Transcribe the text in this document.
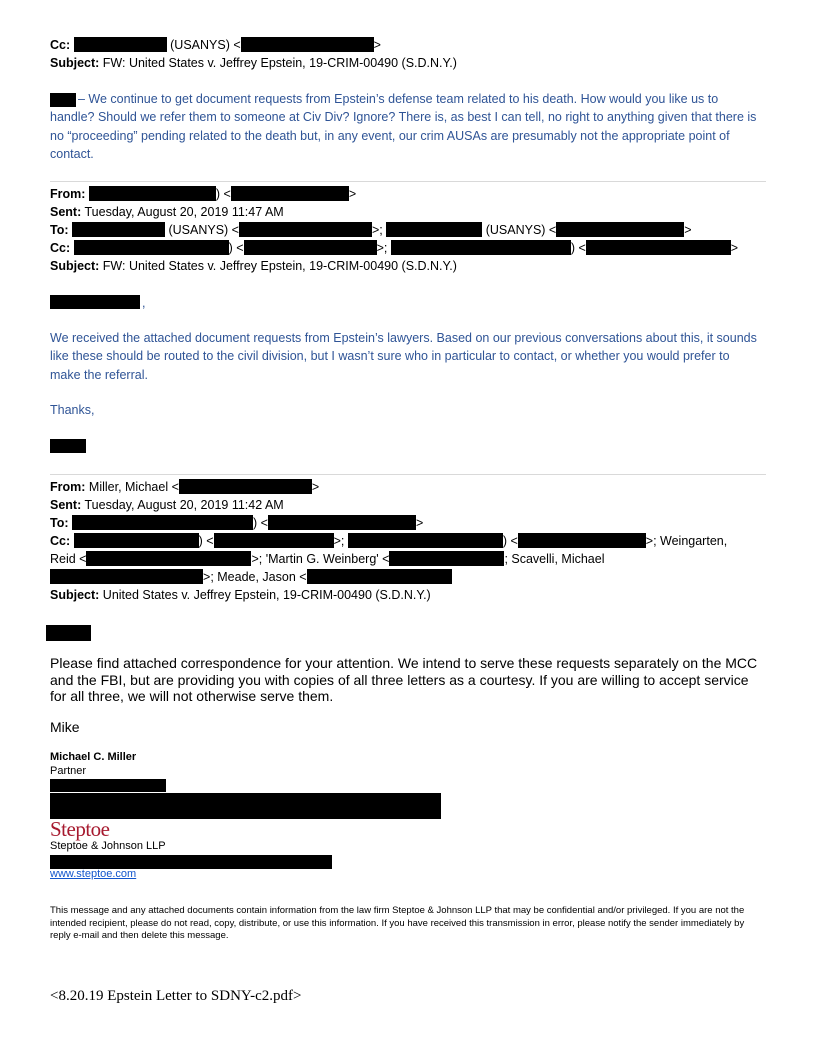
Cc:	(USANYS) <	>
Subject: FW: United States v. Jeffrey Epstein, 19-CRIM-00490 (S.D.N.Y.)
– We continue to get document requests from Epstein’s defense team related to his death. How would you like us to handle? Should we refer them to someone at Civ Div? Ignore? There is, as best I can tell, no right to anything given that there is no “proceeding” pending related to the death but, in any event, our crim AUSAs are presumably not the appropriate point of contact.
From:	) <	>
Sent: Tuesday, August 20, 2019 11:47 AM
To:	(USANYS) <	>;	(USANYS) <	>
Cc:	) <	>;	) <	>
Subject: FW: United States v. Jeffrey Epstein, 19-CRIM-00490 (S.D.N.Y.)
,
We received the attached document requests from Epstein’s lawyers. Based on our previous conversations about this, it sounds like these should be routed to the civil division, but I wasn’t sure who in particular to contact, or whether you would prefer to make the referral.
Thanks,
From: Miller, Michael <	>
Sent: Tuesday, August 20, 2019 11:42 AM
To:	) <	>
Cc:	) <	>;	) <	>; Weingarten,
Reid <	>; 'Martin G. Weinberg' <	; Scavelli, Michael
>; Meade, Jason <
Subject: United States v. Jeffrey Epstein, 19-CRIM-00490 (S.D.N.Y.)
Please find attached correspondence for your attention. We intend to serve these requests separately on the MCC and the FBI, but are providing you with copies of all three letters as a courtesy. If you are willing to accept service for all three, we will not otherwise serve them.
Mike
Michael C. Miller
Partner
Steptoe
Steptoe & Johnson LLP
www.steptoe.com
This message and any attached documents contain information from the law firm Steptoe & Johnson LLP that may be confidential and/or privileged. If you are not the intended recipient, please do not read, copy, distribute, or use this information. If you have received this transmission in error, please notify the sender immediately by reply e-mail and then delete this message.
<8.20.19 Epstein Letter to SDNY-c2.pdf>
